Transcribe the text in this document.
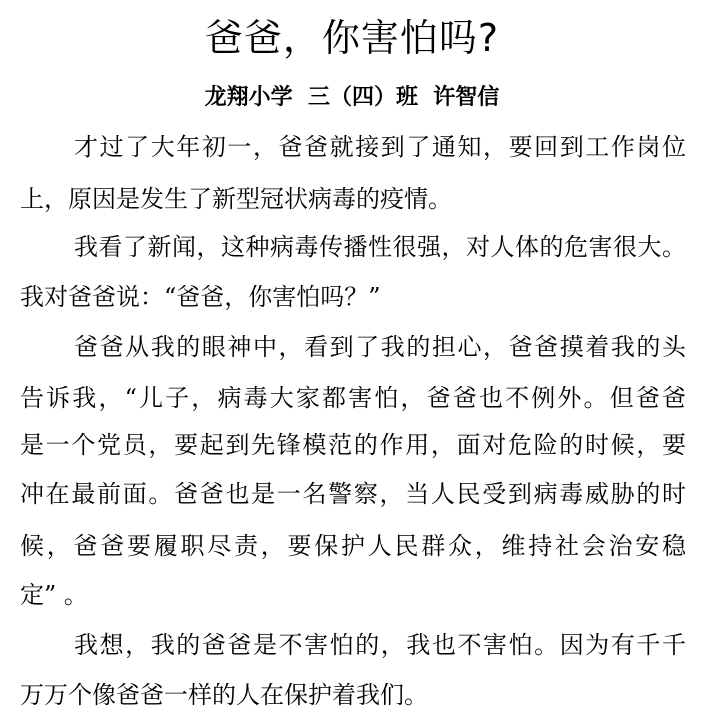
爸爸，你害怕吗?
龙翔小学  三（四）班  许智信
才过了大年初一，爸爸就接到了通知，要回到工作岗位
上，原因是发生了新型冠状病毒的疫情。
我看了新闻，这种病毒传播性很强，对人体的危害很大。
我对爸爸说：“爸爸，你害怕吗？”
爸爸从我的眼神中，看到了我的担心，爸爸摸着我的头
告诉我，“儿子，病毒大家都害怕，爸爸也不例外。但爸爸
是一个党员，要起到先锋模范的作用，面对危险的时候，要
冲在最前面。爸爸也是一名警察，当人民受到病毒威胁的时
候，爸爸要履职尽责，要保护人民群众，维持社会治安稳
定” 。
我想，我的爸爸是不害怕的，我也不害怕。因为有千千
万万个像爸爸一样的人在保护着我们。
